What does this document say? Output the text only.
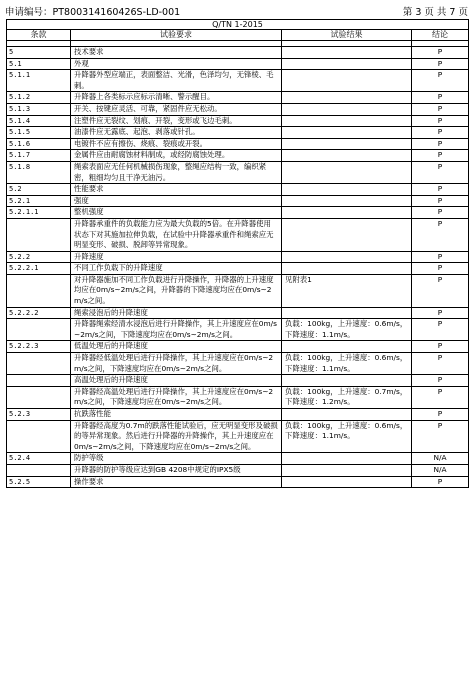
申请编号：PT800314160426S-LD-001	第 3 页 共 7 页
Q/TN 1-2015			
条款	试验要求	试验结果	结论

5	技术要求		P
5.1	外观		P
5.1.1	升降器外型应端正，表面整洁、光滑，色泽均匀，无锋棱、毛刺。		P
5.1.2	升降器上各类标示应标示清晰、警示醒目。		P
5.1.3	开关、按键应灵活、可靠，紧固件应无松动。		P
5.1.4	注塑件应无裂纹、划痕、开裂，变形或飞边毛刺。		P
5.1.5	油漆件应无露底、起泡、剥落或针孔。		P
5.1.6	电镀件不应有擦伤、烧痕、裂痕或开裂。		P
5.1.7	金属件应由耐腐蚀材料制成，或经防腐蚀处理。		P
5.1.8	绳索表面应无任何机械损伤现象，整绳应结构一致，编织紧密，粗细均匀且干净无油污。		P
5.2	性能要求		P
5.2.1	强度		P
5.2.1.1	整机强度		P
	升降器承重件的负载能力应为最大负载的5倍。在升降器使用状态下对其施加拉伸负载，在试验中升降器承重件和绳索应无明显变形、破损、脱卸等异常现象。		P
5.2.2	升降速度		P
5.2.2.1	不同工作负载下的升降速度		P
	对升降器施加不同工作负载进行升降操作，升降器的上升速度均应在0m/s~2m/s之间，升降器的下降速度均应在0m/s~2m/s之间。	见附表1	P
5.2.2.2	绳索浸泡后的升降速度		P
	升降器绳索经清水浸泡后进行升降操作，其上升速度应在0m/s~2m/s之间，下降速度均应在0m/s~2m/s之间。	负载：100kg，上升速度：0.6m/s，下降速度：1.1m/s。	P
5.2.2.3	低温处理后的升降速度		P
	升降器经低温处理后进行升降操作，其上升速度应在0m/s~2m/s之间，下降速度均应在0m/s~2m/s之间。	负载：100kg，上升速度：0.6m/s，下降速度：1.1m/s。	P
	高温处理后的升降速度		P
	升降器经高温处理后进行升降操作，其上升速度应在0m/s~2m/s之间，下降速度均应在0m/s~2m/s之间。	负载：100kg，上升速度：0.7m/s，下降速度：1.2m/s。	P
5.2.3	抗跌落性能		P
	升降器经高度为0.7m的跌落性能试验后，应无明显变形及破损的等异常现象。然后进行升降器的升降操作，其上升速度应在0m/s~2m/s之间，下降速度均应在0m/s~2m/s之间。	负载：100kg，上升速度：0.6m/s，下降速度：1.1m/s。	P
5.2.4	防护等级		N/A
	升降器的防护等级应达到GB 4208中规定的IPX5级		N/A
5.2.5	操作要求		P
